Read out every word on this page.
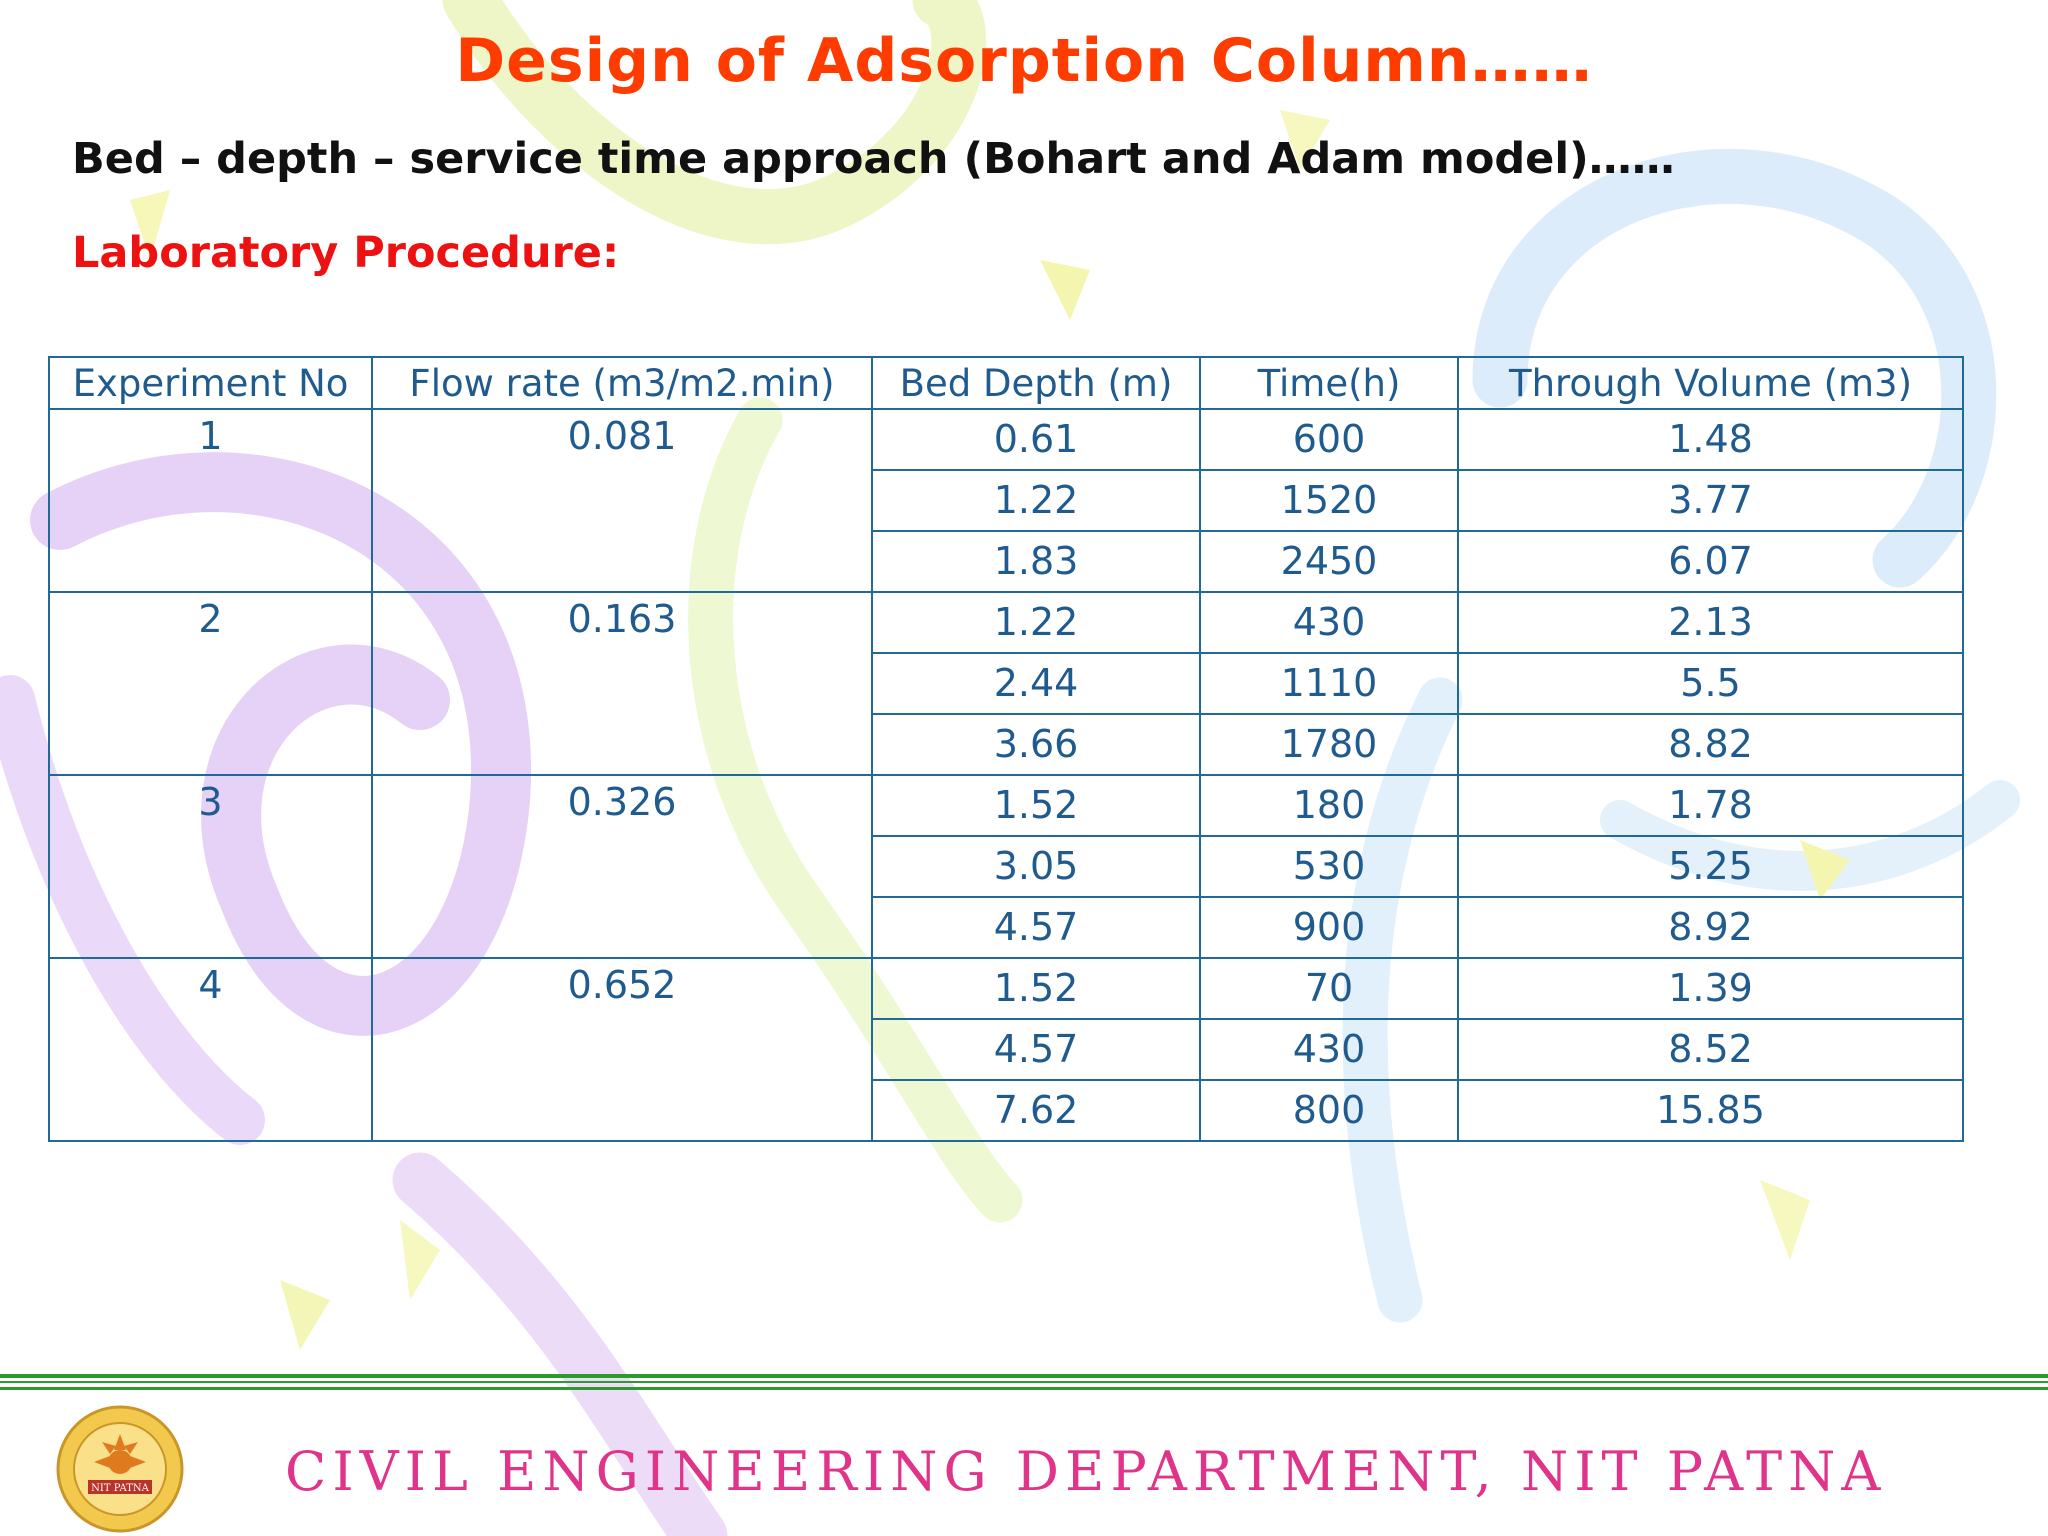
Design of Adsorption Column……
Bed – depth – service time approach (Bohart and Adam model)……
Laboratory Procedure:
Experiment No	Flow rate (m3/m2.min)	Bed Depth (m)	Time(h)	Through Volume (m3)
1	0.081	0.61	600	1.48
		1.22	1520	3.77
		1.83	2450	6.07
2	0.163	1.22	430	2.13
		2.44	1110	5.5
		3.66	1780	8.82
3	0.326	1.52	180	1.78
		3.05	530	5.25
		4.57	900	8.92
4	0.652	1.52	70	1.39
		4.57	430	8.52
		7.62	800	15.85
NIT PATNA	CIVIL ENGINEERING DEPARTMENT, NIT PATNA
